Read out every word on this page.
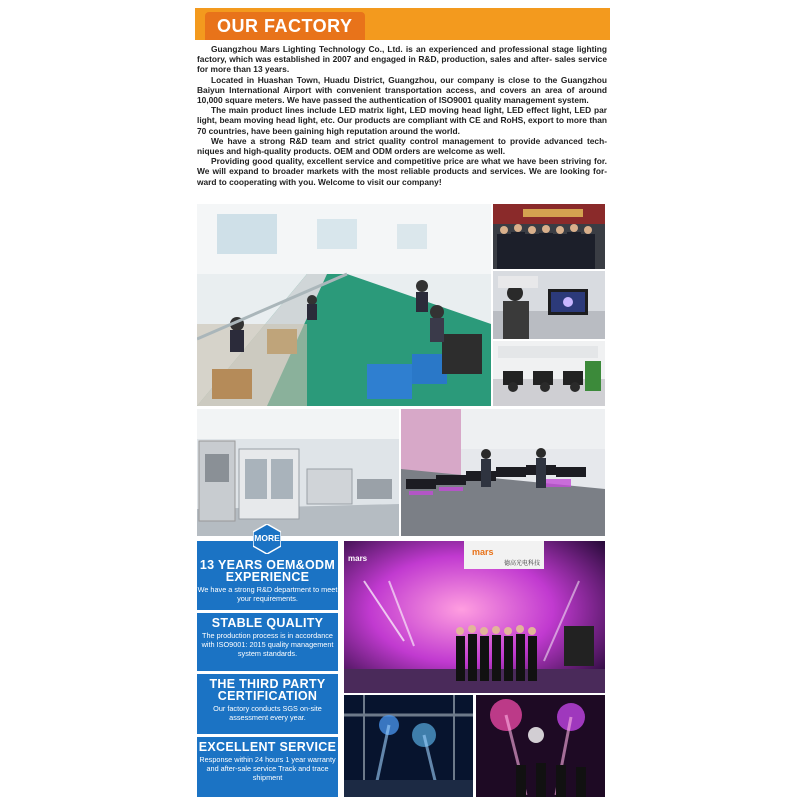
OUR FACTORY

Guangzhou Mars Lighting Technology Co., Ltd. is an experienced and professional stage lighting factory, which was established in 2007 and engaged in R&D, production, sales and after- sales service for more than 13 years.

Located in Huashan Town, Huadu District, Guangzhou, our company is close to the Guangzhou Baiyun International Airport with convenient transportation access, and covers an area of around 10,000 square meters. We have passed the authentication of ISO9001 quality management system.

The main product lines include LED matrix light, LED moving head light, LED effect light, LED par light, beam moving head light, etc. Our products are compliant with CE and RoHS, export to more than 70 countries, have been gaining high reputation around the world.

We have a strong R&D team and strict quality control management to provide advanced tech- niques and high-quality products. OEM and ODM orders are welcome as well.

Providing good quality, excellent service and competitive price are what we have been striving for. We will expand to broader markets with the most reliable products and services. We are looking for- ward to cooperating with you. Welcome to visit our company!

13 YEARS OEM&ODM EXPERIENCE
We have a strong R&D department to meet your requirements.
STABLE QUALITY
The production process is in accordance with ISO9001: 2015 quality management system standards.
THE THIRD PARTY CERTIFICATION
Our factory conducts SGS on-site assessment every year.
EXCELLENT SERVICE
Response within 24 hours 1 year warranty and after-sale service Track and trace shipment
MORE
mars
德高光电科技
mars
